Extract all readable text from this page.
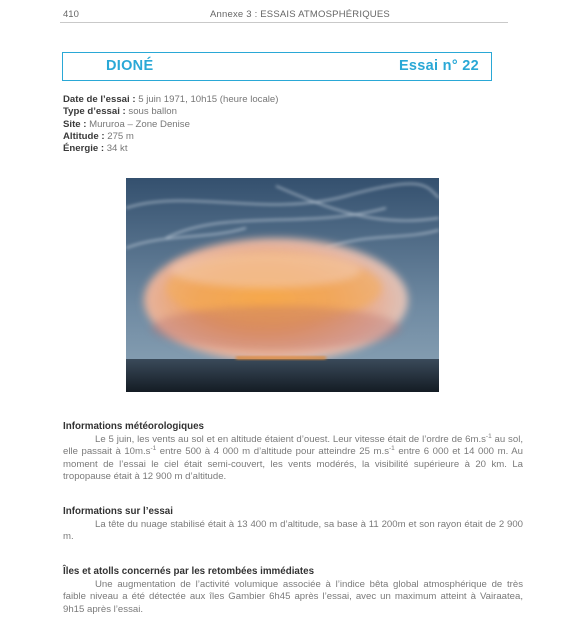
410	Annexe 3 : ESSAIS ATMOSPHÉRIQUES
DIONÉ	Essai n° 22
Date de l’essai : 5 juin 1971, 10h15 (heure locale)
Type d’essai : sous ballon
Site : Mururoa – Zone Denise
Altitude : 275 m
Énergie : 34 kt
Informations météorologiques

Le 5 juin, les vents au sol et en altitude étaient d’ouest. Leur vitesse était de l’ordre de $6m.s^{-1}$ au sol, elle passait à $10m.s^{-1}$ entre 500 à 4 000 m d’altitude pour atteindre 25 $m.s^{-1}$ entre 6 000 et 14 000 m. Au moment de l’essai le ciel était semi-couvert, les vents modérés, la visibilité supérieure à 20 km. La tropopause était à 12 900 m d’altitude.

Informations sur l’essai

La tête du nuage stabilisé était à 13 400 m d’altitude, sa base à 11 200m et son rayon était de 2 900 m.

Îles et atolls concernés par les retombées immédiates

Une augmentation de l’activité volumique associée à l’indice bêta global atmosphérique de très faible niveau a été détectée aux îles Gambier 6h45 après l’essai, avec un maximum atteint à Vairaatea, 9h15 après l’essai.
